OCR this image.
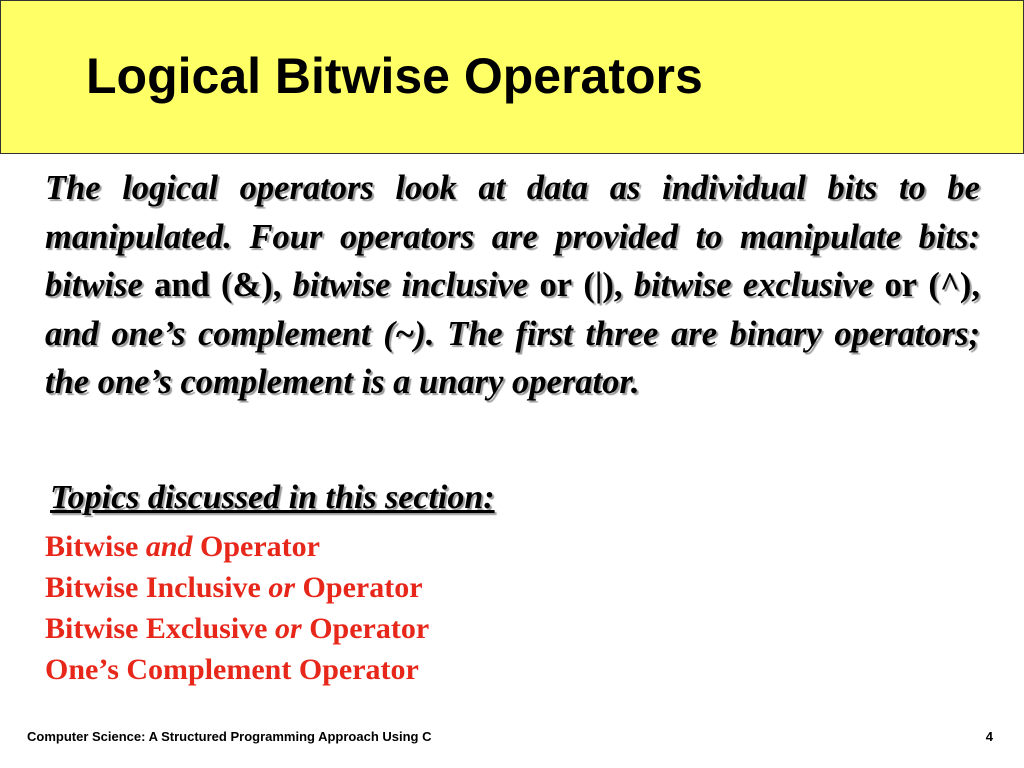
Logical Bitwise Operators

The logical operators look at data as individual bits to be manipulated. Four operators are provided to manipulate bits: bitwise and (&), bitwise inclusive or (|), bitwise exclusive or (^), and one’s complement (~). The first three are binary operators; the one’s complement is a unary operator.

Topics discussed in this section:
Bitwise and Operator
Bitwise Inclusive or Operator
Bitwise Exclusive or Operator
One’s Complement Operator
Computer Science: A Structured Programming Approach Using C	4
